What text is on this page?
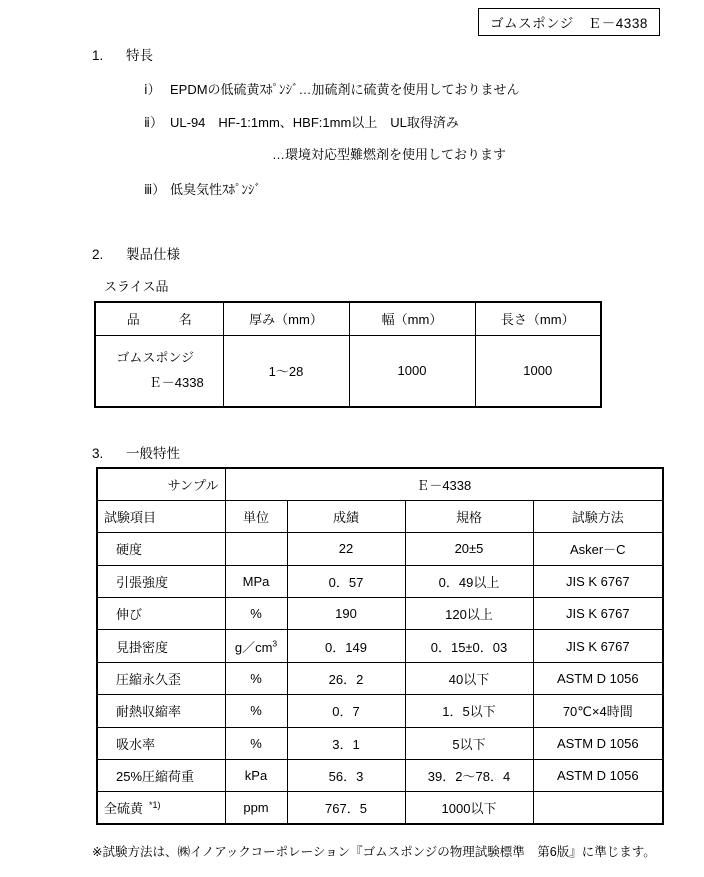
ゴムスポンジ　Ｅ－4338
1. 特長
ⅰ） EPDMの低硫黄ｽﾎﾟﾝｼﾞ…加硫剤に硫黄を使用しておりません
ⅱ） UL-94　HF-1:1mm、HBF:1mm以上　UL取得済み
…環境対応型難燃剤を使用しております
ⅲ） 低臭気性ｽﾎﾟﾝｼﾞ
2. 製品仕様
スライス品
品　　　名	厚み（mm）	幅（mm）	長さ（mm）

ゴムスポンジ
Ｅ－4338	1～28	1000	1000
3. 一般特性
サンプル	Ｅ－4338			
試験項目	単位	成績	規格	試験方法
硬度		22	20±5	Asker－C
引張強度	MPa	0．57	0．49以上	JIS K 6767
伸び	%	190	120以上	JIS K 6767
見掛密度	$g/cm^3$	0．149	0．15±0．03	JIS K 6767
圧縮永久歪	%	26．2	40以下	ASTM D 1056
耐熱収縮率	%	0．7	1．5以下	70℃×4時間
吸水率	%	3．1	5以下	ASTM D 1056
25%圧縮荷重	kPa	56．3	39．2～78．4	ASTM D 1056
全硫黄 $^{*1)}$	ppm	767．5	1000以下	
※試験方法は、㈱イノアックコーポレーション『ゴムスポンジの物理試験標準　第6版』に準じます。
